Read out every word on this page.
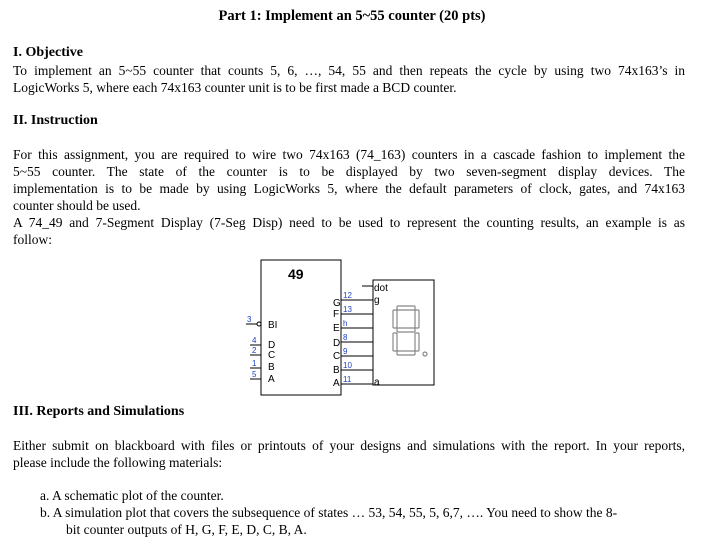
Part 1: Implement an 5~55 counter (20 pts)
I. Objective
To implement an 5~55 counter that counts 5, 6, …, 54, 55 and then repeats the cycle by using two 74x163’s in
LogicWorks 5, where each 74x163 counter unit is to be first made a BCD counter.
II. Instruction
For this assignment, you are required to wire two 74x163 (74_163) counters in a cascade fashion to implement the
5~55 counter. The state of the counter is to be displayed by two seven-segment display devices. The
implementation is to be made by using LogicWorks 5, where the default parameters of clock, gates, and 74x163
counter should be used.
A 74_49 and 7-Segment Display (7-Seg Disp) need to be used to represent the counting results, an example is as
follow:
49
3
BI
4 D
2 C
1 B
5 A
G
F
E
D
C
B
A
12
13
h
8
9
10
11
dot
g
a
III. Reports and Simulations
Either submit on blackboard with files or printouts of your designs and simulations with the report. In your reports,
please include the following materials:
a. A schematic plot of the counter.
b. A simulation plot that covers the subsequence of states … 53, 54, 55, 5, 6,7, …. You need to show the 8-
bit counter outputs of H, G, F, E, D, C, B, A.
